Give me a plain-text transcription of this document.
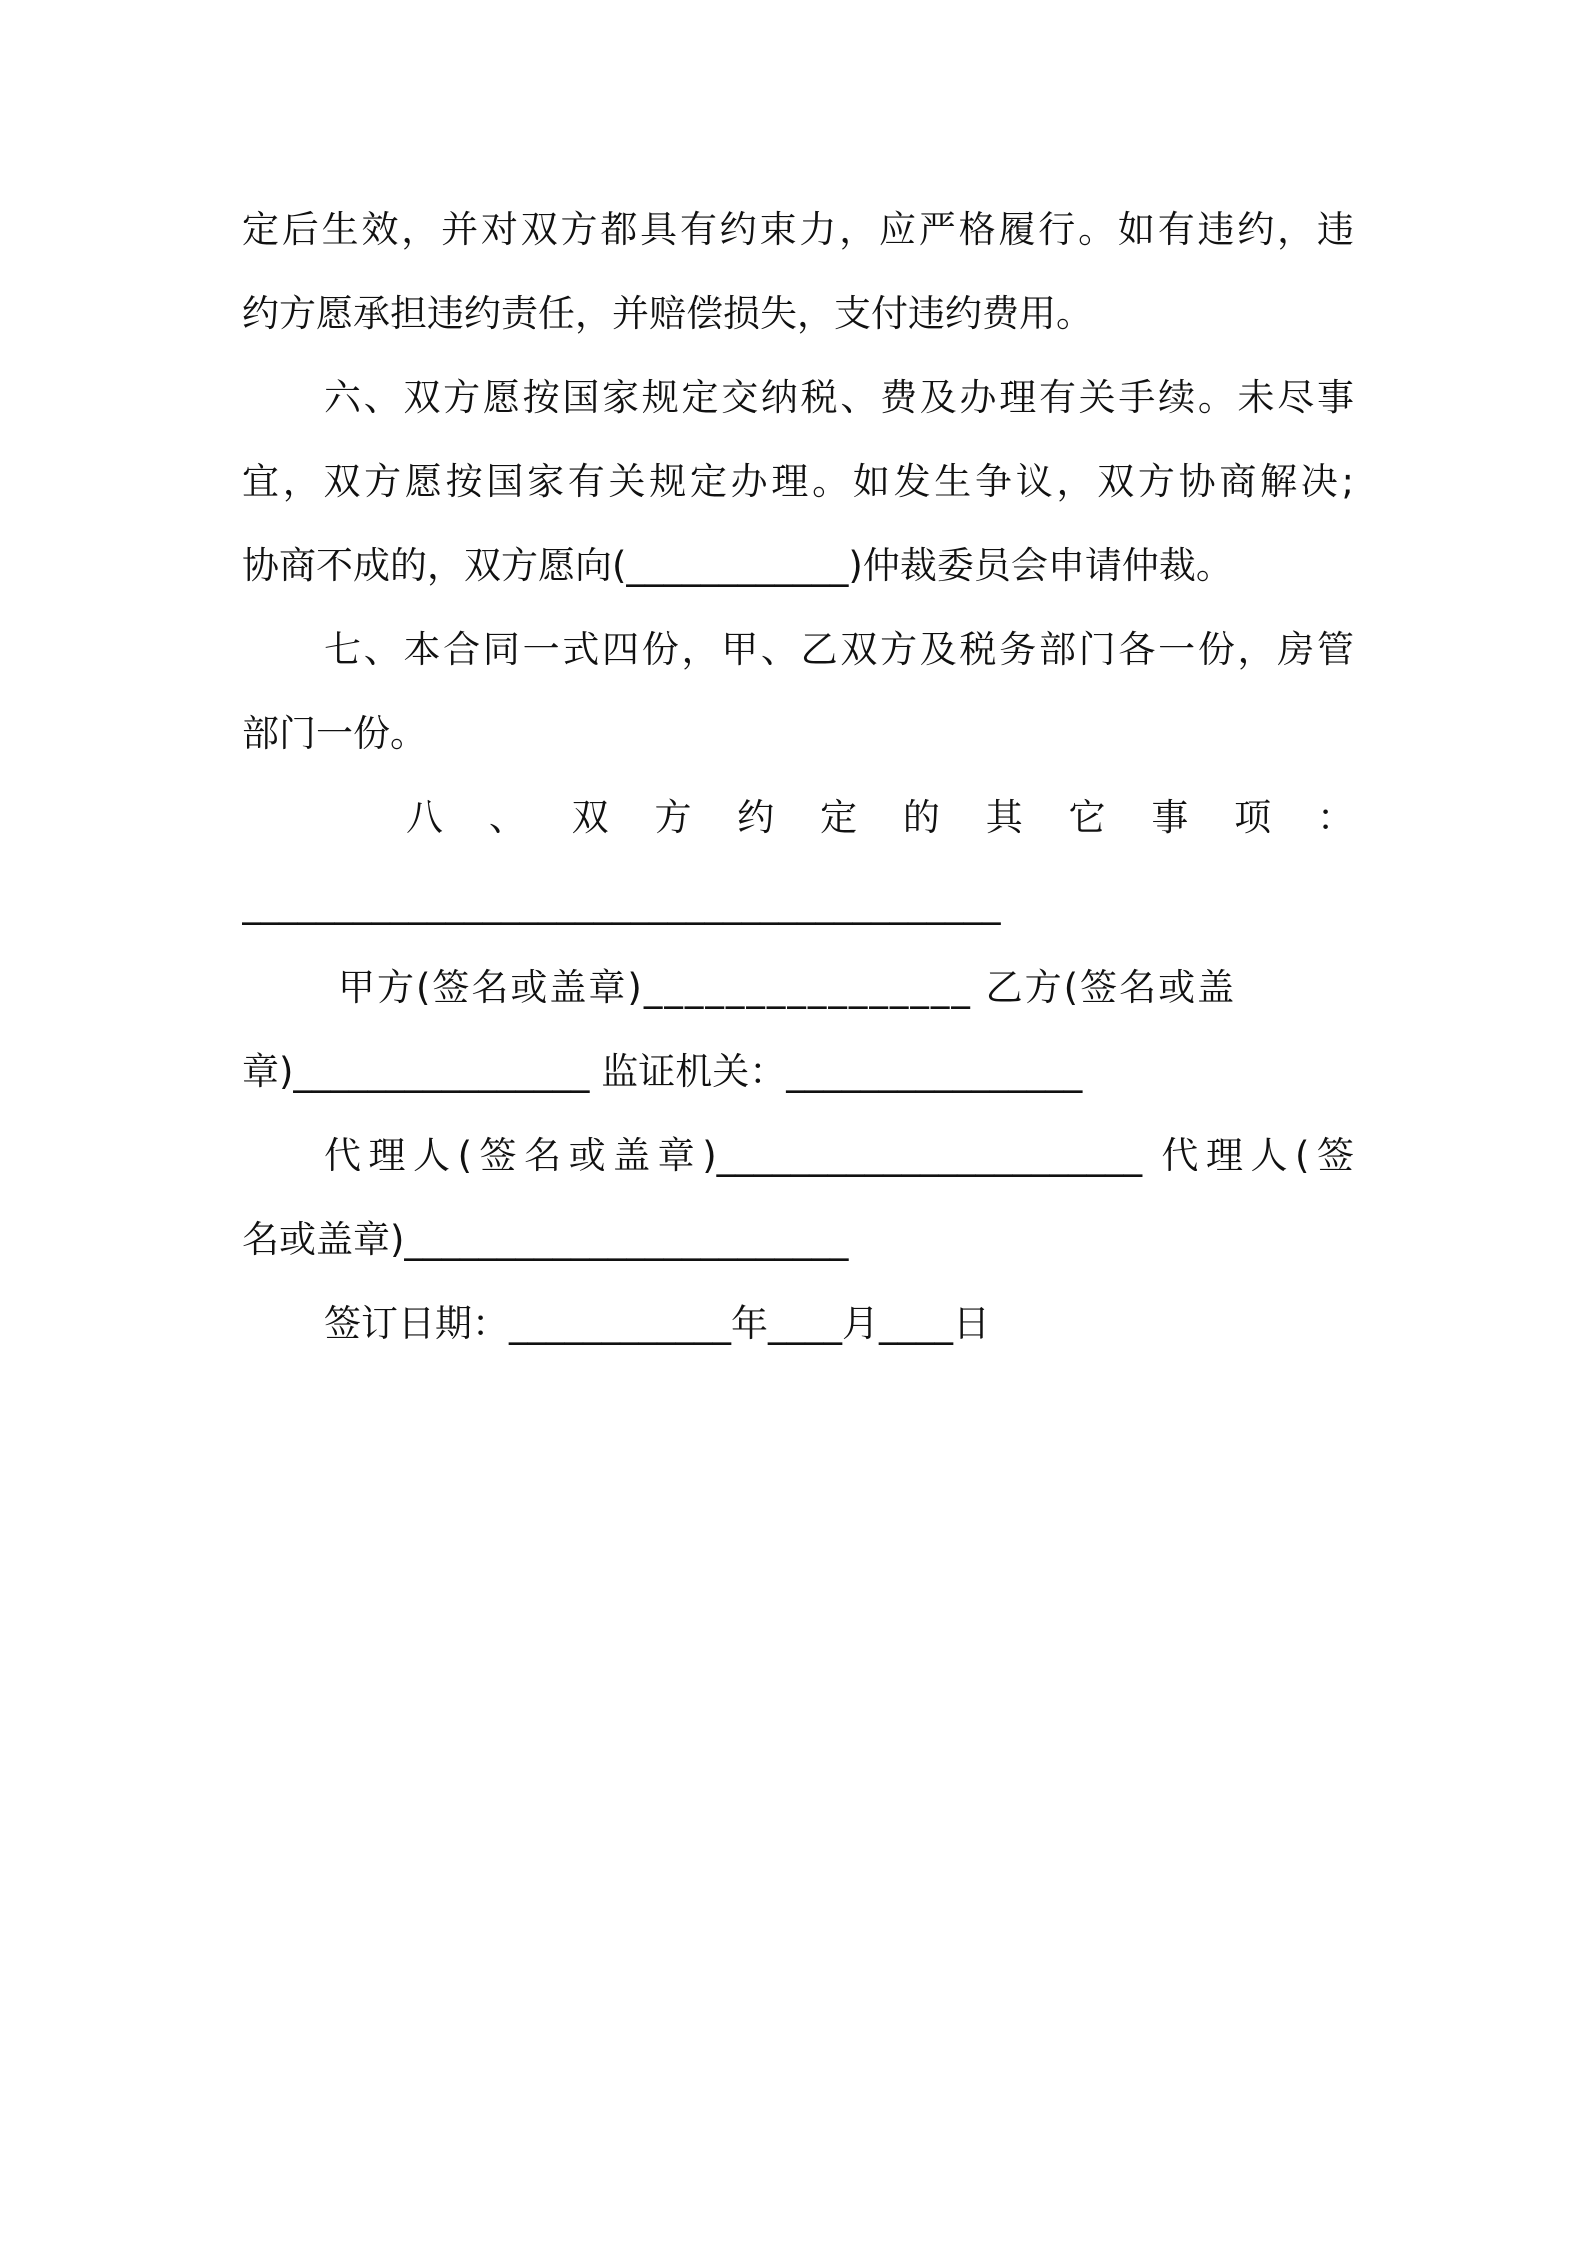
定后生效，并对双方都具有约束力，应严格履行。如有违约，违
约方愿承担违约责任，并赔偿损失，支付违约费用。
六、双方愿按国家规定交纳税、费及办理有关手续。未尽事
宜，双方愿按国家有关规定办理。如发生争议，双方协商解决;
协商不成的，双方愿向(____________)仲裁委员会申请仲裁。
七、本合同一式四份，甲、乙双方及税务部门各一份，房管
部门一份。
八、双方约定的其它事项：
_________________________________________
甲方(签名或盖章)________________ 乙方(签名或盖
章)________________ 监证机关：________________
代理人(签名或盖章)_______________________ 代理人(签
名或盖章)________________________
签订日期：____________年____月____日
